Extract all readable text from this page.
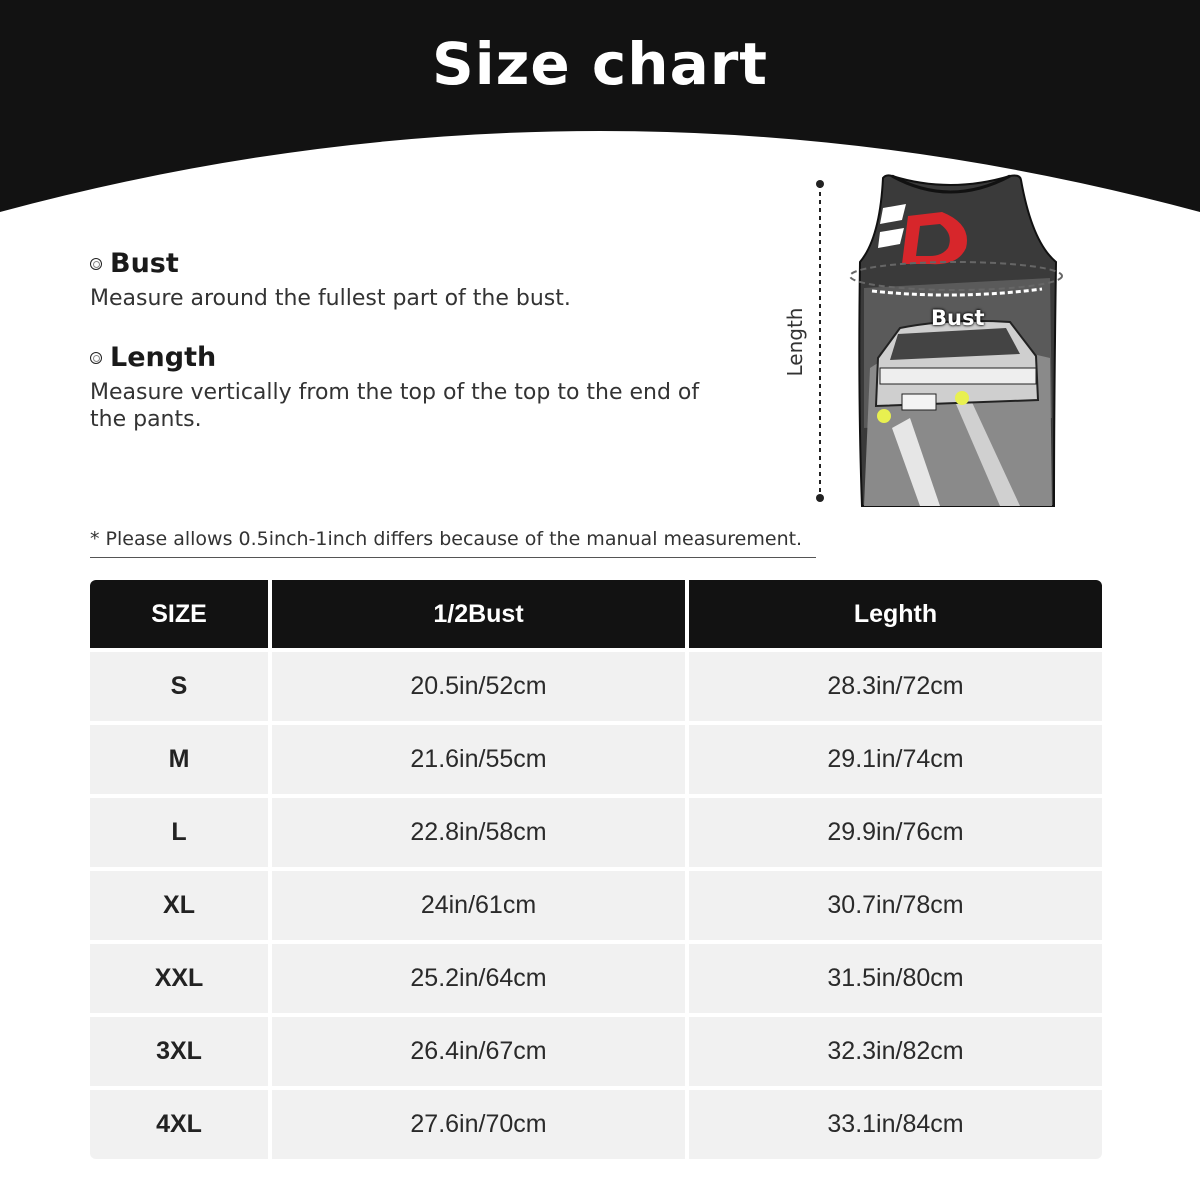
Size chart
Bust
Measure around the fullest part of the bust.
Length
Measure vertically from the top of the top to the end of the pants.
Length	Bust
* Please allows 0.5inch-1inch differs because of the manual measurement.
SIZE	1/2Bust	Leghth
S	20.5in/52cm	28.3in/72cm
M	21.6in/55cm	29.1in/74cm
L	22.8in/58cm	29.9in/76cm
XL	24in/61cm	30.7in/78cm
XXL	25.2in/64cm	31.5in/80cm
3XL	26.4in/67cm	32.3in/82cm
4XL	27.6in/70cm	33.1in/84cm
